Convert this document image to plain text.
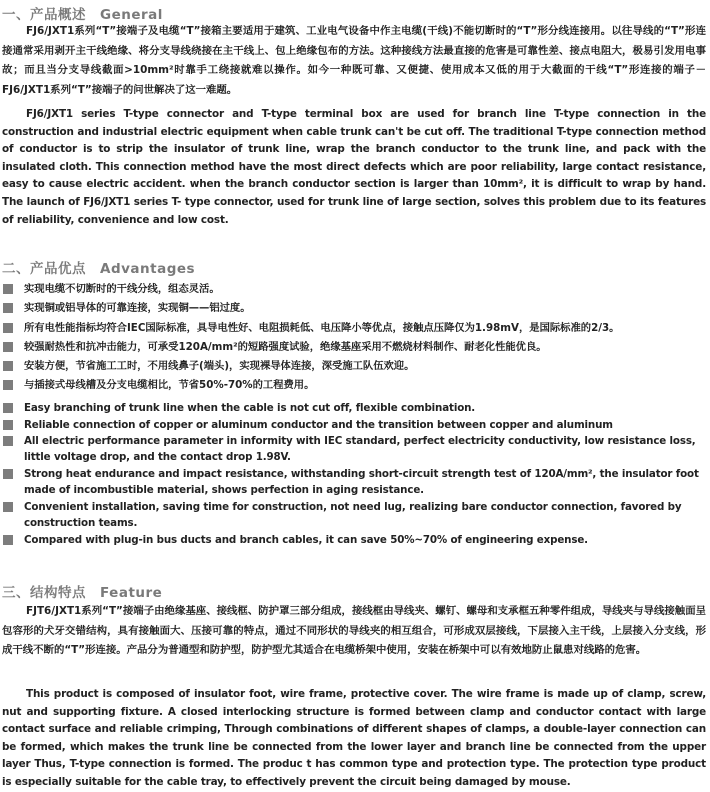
一、产品概述 General

FJ6/JXT1系列“T”接端子及电缆“T”接箱主要适用于建筑、工业电气设备中作主电缆(干线)不能切断时的“T”形分线连接用。以往导线的“T”形连接通常采用剥开主干线绝缘、将分支导线绕接在主干线上、包上绝缘包布的方法。这种接线方法最直接的危害是可靠性差、接点电阻大，极易引发用电事故；而且当分支导线截面>10mm²时靠手工绕接就难以操作。如今一种既可靠、又便捷、使用成本又低的用于大截面的干线“T”形连接的端子－FJ6/JXT1系列“T”接端子的问世解决了这一难题。

FJ6/JXT1 series T-type connector and T-type terminal box are used for branch line T-type connection in the construction and industrial electric equipment when cable trunk can't be cut off. The traditional T-type connection method of conductor is to strip the insulator of trunk line, wrap the branch conductor to the trunk line, and pack with the insulated cloth. This connection method have the most direct defects which are poor reliability, large contact resistance, easy to cause electric accident. when the branch conductor section is larger than 10mm², it is difficult to wrap by hand. The launch of FJ6/JXT1 series T- type connector, used for trunk line of large section, solves this problem due to its features of reliability, convenience and low cost.

二、产品优点 Advantages
实现电缆不切断时的干线分线，组态灵活。
实现铜或铝导体的可靠连接，实现铜——铝过度。
所有电性能指标均符合IEC国际标准，具导电性好、电阻损耗低、电压降小等优点，接触点压降仅为1.98mV，是国际标准的2/3。
较强耐热性和抗冲击能力，可承受120A/mm²的短路强度试验，绝缘基座采用不燃烧材料制作、耐老化性能优良。
安装方便，节省施工工时，不用线鼻子(端头)，实现裸导体连接，深受施工队伍欢迎。
与插接式母线槽及分支电缆相比，节省50%-70%的工程费用。
Easy branching of trunk line when the cable is not cut off, flexible combination.
Reliable connection of copper or aluminum conductor and the transition between copper and aluminum
All electric performance parameter in informity with IEC standard, perfect electricity conductivity, low resistance loss, little voltage drop, and the contact drop 1.98V.
Strong heat endurance and impact resistance, withstanding short-circuit strength test of 120A/mm², the insulator foot made of incombustible material, shows perfection in aging resistance.
Convenient installation, saving time for construction, not need lug, realizing bare conductor connection, favored by construction teams.
Compared with plug-in bus ducts and branch cables, it can save 50%~70% of engineering expense.
三、结构特点 Feature

FJT6/JXT1系列“T”接端子由绝缘基座、接线框、防护罩三部分组成，接线框由导线夹、螺钉、螺母和支承框五种零件组成，导线夹与导线接触面呈包容形的犬牙交错结构，具有接触面大、压接可靠的特点，通过不同形状的导线夹的相互组合，可形成双层接线，下层接入主干线，上层接入分支线，形成干线不断的“T”形连接。产品分为普通型和防护型，防护型尤其适合在电缆桥架中使用，安装在桥架中可以有效地防止鼠患对线路的危害。

This product is composed of insulator foot, wire frame, protective cover. The wire frame is made up of clamp, screw, nut and supporting fixture. A closed interlocking structure is formed between clamp and conductor contact with large contact surface and reliable crimping, Through combinations of different shapes of clamps, a double-layer connection can be formed, which makes the trunk line be connected from the lower layer and branch line be connected from the upper layer Thus, T-type connection is formed. The produc t has common type and protection type. The protection type product is especially suitable for the cable tray, to effectively prevent the circuit being damaged by mouse.
